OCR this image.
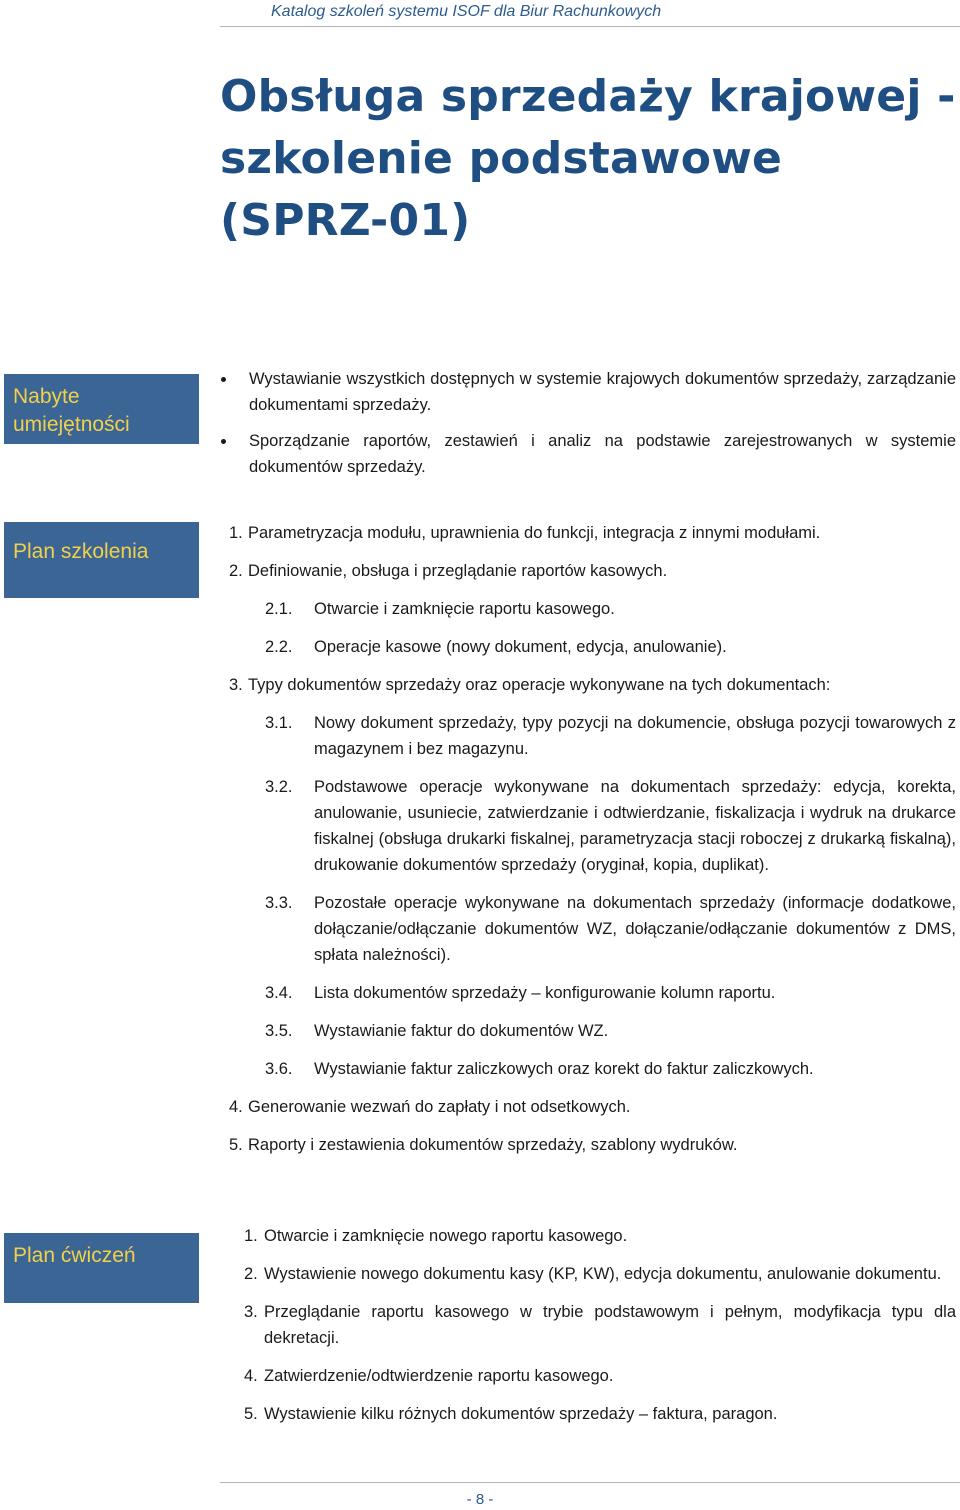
Katalog szkoleń systemu ISOF dla Biur Rachunkowych
Obsługa sprzedaży krajowej -
szkolenie podstawowe
(SPRZ-01)
Nabyte
umiejętności
Wystawianie wszystkich dostępnych w systemie krajowych dokumentów sprzedaży, zarządzanie dokumentami sprzedaży.
Sporządzanie raportów, zestawień i analiz na podstawie zarejestrowanych w systemie dokumentów sprzedaży.
Plan szkolenia
1. Parametryzacja modułu, uprawnienia do funkcji, integracja z innymi modułami.
2. Definiowanie, obsługa i przeglądanie raportów kasowych.
2.1. Otwarcie i zamknięcie raportu kasowego.
2.2. Operacje kasowe (nowy dokument, edycja, anulowanie).
3. Typy dokumentów sprzedaży oraz operacje wykonywane na tych dokumentach:
3.1. Nowy dokument sprzedaży, typy pozycji na dokumencie, obsługa pozycji towarowych z magazynem i bez magazynu.
3.2. Podstawowe operacje wykonywane na dokumentach sprzedaży: edycja, korekta, anulowanie, usuniecie, zatwierdzanie i odtwierdzanie, fiskalizacja i wydruk na drukarce fiskalnej (obsługa drukarki fiskalnej, parametryzacja stacji roboczej z drukarką fiskalną), drukowanie dokumentów sprzedaży (oryginał, kopia, duplikat).
3.3. Pozostałe operacje wykonywane na dokumentach sprzedaży (informacje dodatkowe, dołączanie/odłączanie dokumentów WZ, dołączanie/odłączanie dokumentów z DMS, spłata należności).
3.4. Lista dokumentów sprzedaży – konfigurowanie kolumn raportu.
3.5. Wystawianie faktur do dokumentów WZ.
3.6. Wystawianie faktur zaliczkowych oraz korekt do faktur zaliczkowych.
4. Generowanie wezwań do zapłaty i not odsetkowych.
5. Raporty i zestawienia dokumentów sprzedaży, szablony wydruków.
Plan ćwiczeń
1. Otwarcie i zamknięcie nowego raportu kasowego.
2. Wystawienie nowego dokumentu kasy (KP, KW), edycja dokumentu, anulowanie dokumentu.
3. Przeglądanie raportu kasowego w trybie podstawowym i pełnym, modyfikacja typu dla dekretacji.
4. Zatwierdzenie/odtwierdzenie raportu kasowego.
5. Wystawienie kilku różnych dokumentów sprzedaży – faktura, paragon.
- 8 -
